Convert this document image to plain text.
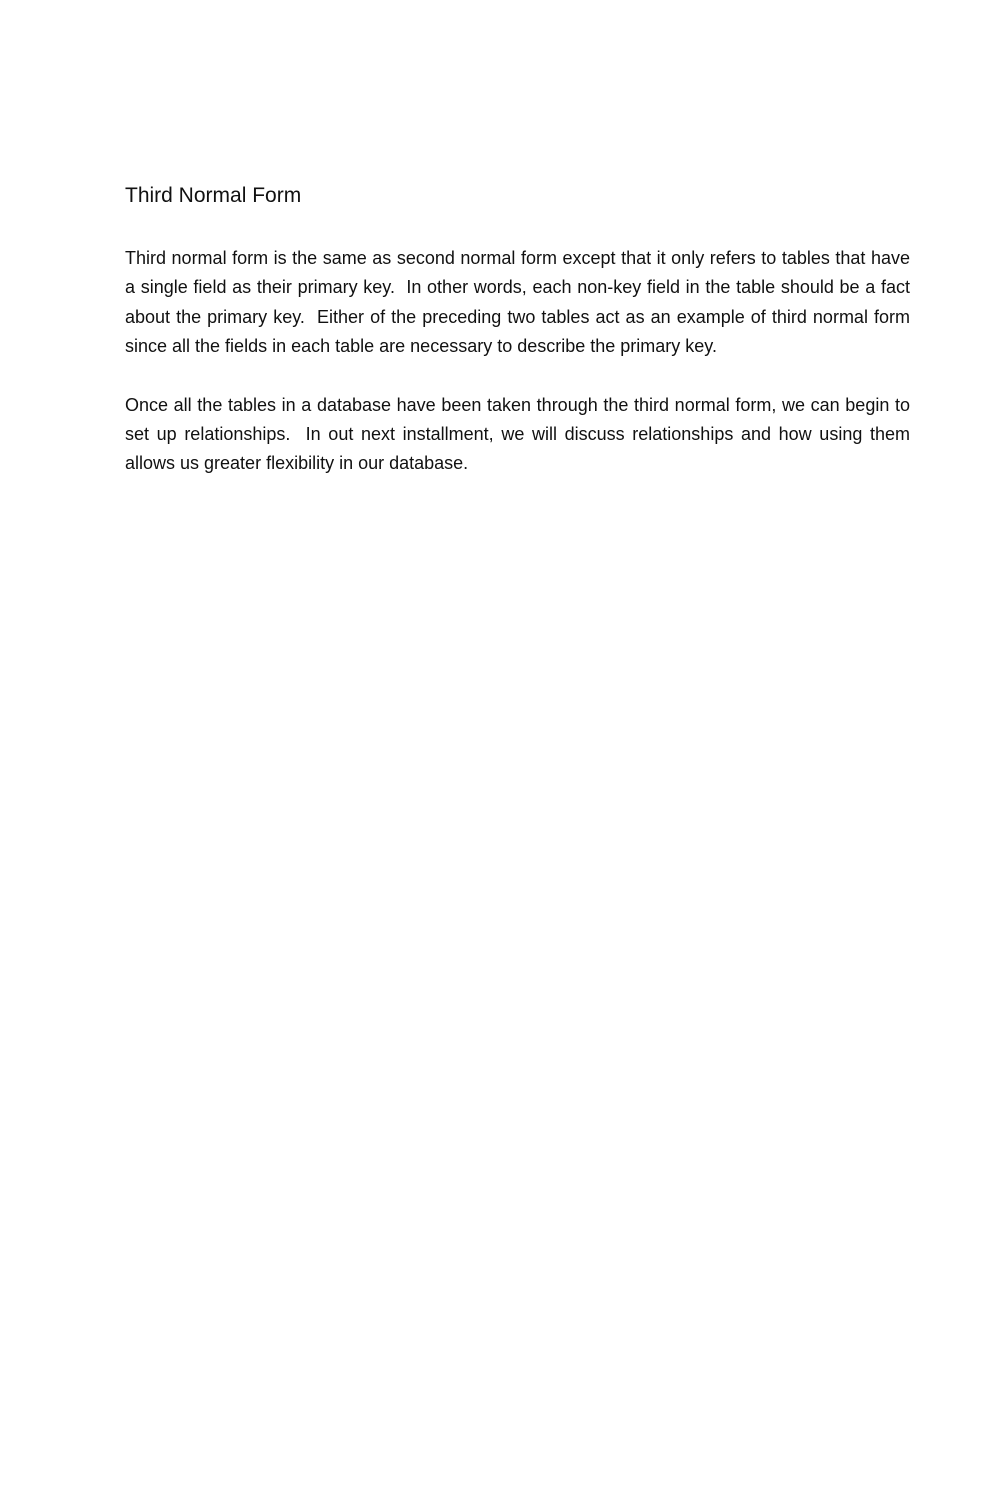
Third Normal Form

Third normal form is the same as second normal form except that it only refers to tables that have a single field as their primary key.  In other words, each non-key field in the table should be a fact about the primary key.  Either of the preceding two tables act as an example of third normal form since all the fields in each table are necessary to describe the primary key.

Once all the tables in a database have been taken through the third normal form, we can begin to set up relationships.  In out next installment, we will discuss relationships and how using them allows us greater flexibility in our database.
